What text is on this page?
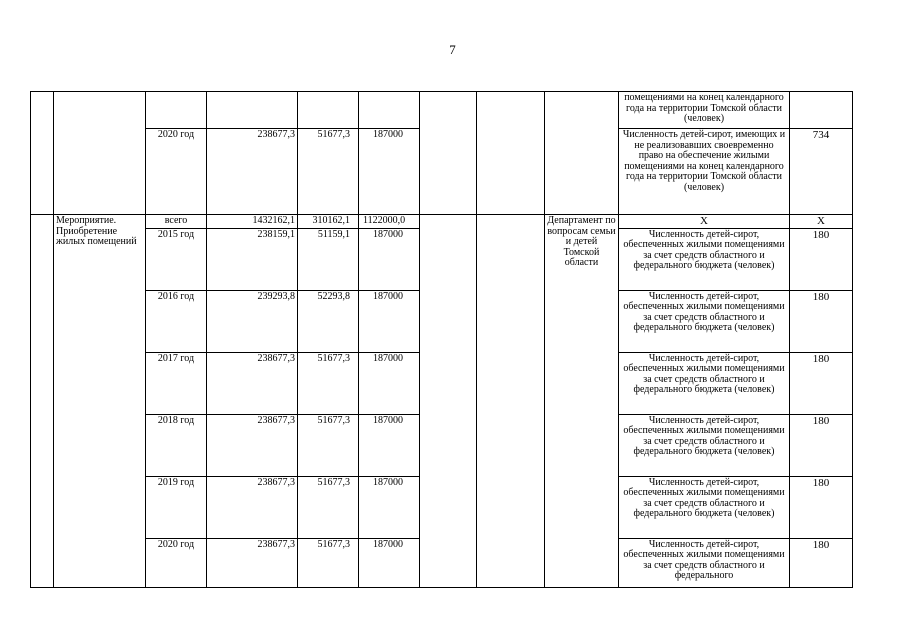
7
									помещениями на конец календарного года на территории Томской области (человек)	
		2020 год	238677,3	51677,3	187000				Численность детей-сирот, имеющих и не реализовавших своевременно право на обеспечение жилыми помещениями на конец календарного года на территории Томской области (человек)	734
	Мероприятие. Приобретение жилых помещений	всего	1432162,1	310162,1	1122000,0			Департамент по вопросам семьи и детей Томской области	Х	Х
		2015 год	238159,1	51159,1	187000				Численность детей-сирот, обеспеченных жилыми помещениями за счет средств областного и федерального бюджета (человек)	180
		2016 год	239293,8	52293,8	187000				Численность детей-сирот, обеспеченных жилыми помещениями за счет средств областного и федерального бюджета (человек)	180
		2017 год	238677,3	51677,3	187000				Численность детей-сирот, обеспеченных жилыми помещениями за счет средств областного и федерального бюджета (человек)	180
		2018 год	238677,3	51677,3	187000				Численность детей-сирот, обеспеченных жилыми помещениями за счет средств областного и федерального бюджета (человек)	180
		2019 год	238677,3	51677,3	187000				Численность детей-сирот, обеспеченных жилыми помещениями за счет средств областного и федерального бюджета (человек)	180
		2020 год	238677,3	51677,3	187000				Численность детей-сирот, обеспеченных жилыми помещениями за счет средств областного и федерального	180
